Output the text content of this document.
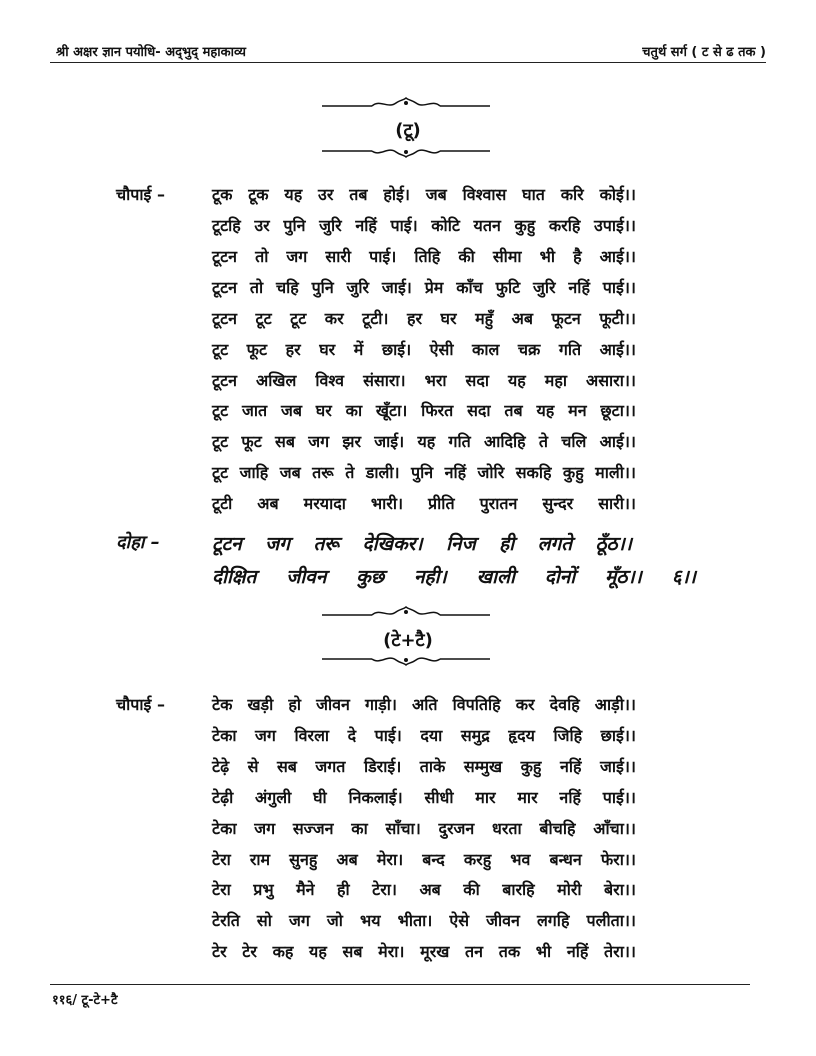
श्री अक्षर ज्ञान पयोधि- अद्‌भुद् महाकाव्य	चतुर्थ सर्ग ( ट से ढ तक )
(टू)
चौपाई –	टूक टूक यह उर तब होई। जब विश्वास घात करि कोई।।
टूटहि उर पुनि जुरि नहिं पाई। कोटि यतन कुहु करहि उपाई।।
टूटन तो जग सारी पाई। तिहि की सीमा भी है आई।।
टूटन तो चहि पुनि जुरि जाई। प्रेम काँच फुटि जुरि नहिं पाई।।
टूटन टूट टूट कर टूटी। हर घर महुँ अब फूटन फूटी।।
टूट फूट हर घर में छाई। ऐसी काल चक्र गति आई।।
टूटन अखिल विश्व संसारा। भरा सदा यह महा असारा।।
टूट जात जब घर का खूँटा। फिरत सदा तब यह मन छूटा।।
टूट फूट सब जग झर जाई। यह गति आदिहि ते चलि आई।।
टूट जाहि जब तरू ते डाली। पुनि नहिं जोरि सकहि कुहु माली।।
टूटी अब मरयादा भारी। प्रीति पुरातन सुन्दर सारी।।
दोहा –	टूटन जग तरू देखिकर। निज ही लगते ठूँठ।।
दीक्षित जीवन कुछ नही। खाली दोनों मूँठ।। ६।।
(टे+टै)
चौपाई –	टेक खड़ी हो जीवन गाड़ी। अति विपतिहि कर देवहि आड़ी।।
टेका जग विरला दे पाई। दया समुद्र हृदय जिहि छाई।।
टेढ़े से सब जगत डिराई। ताके सम्मुख कुहु नहिं जाई।।
टेढ़ी अंगुली घी निकलाई। सीधी मार मार नहिं पाई।।
टेका जग सज्जन का साँचा। दुरजन धरता बीचहि आँचा।।
टेरा राम सुनहु अब मेरा। बन्द करहु भव बन्धन फेरा।।
टेरा प्रभु मैने ही टेरा। अब की बारहि मोरी बेरा।।
टेरति सो जग जो भय भीता। ऐसे जीवन लगहि पलीता।।
टेर टेर कह यह सब मेरा। मूरख तन तक भी नहिं तेरा।।
११६/ टू-टे+टै
